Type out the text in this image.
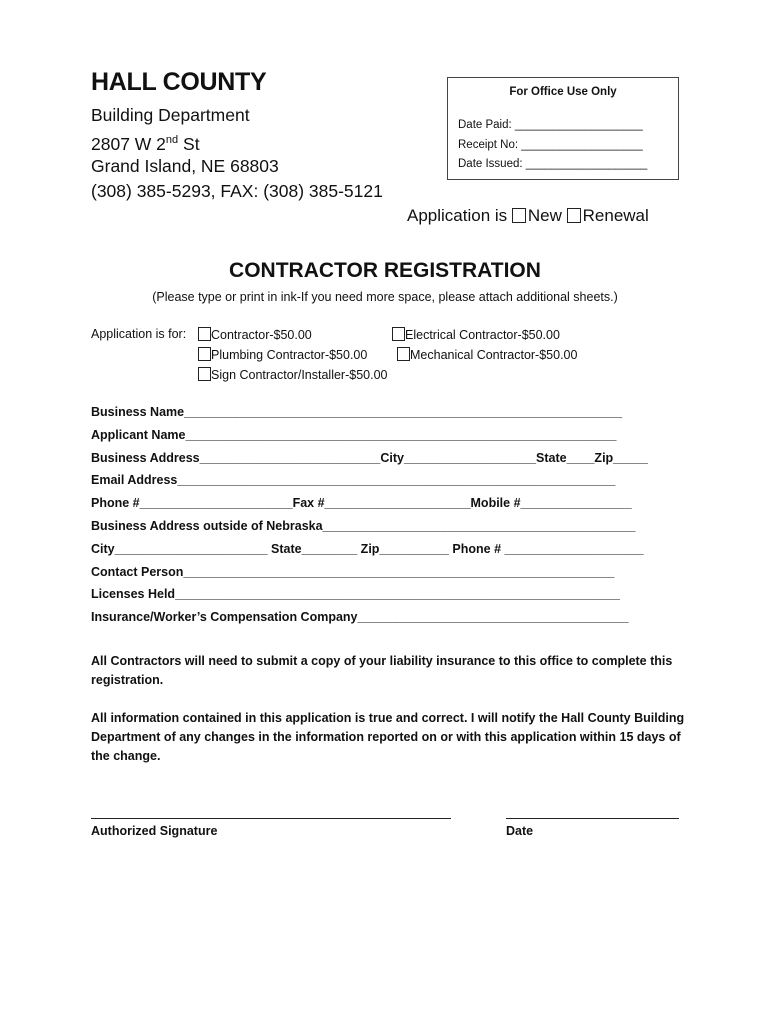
HALL COUNTY
Building Department
2807 W 2nd St
Grand Island, NE 68803
(308) 385-5293, FAX: (308) 385-5121
For Office Use Only
Date Paid: ____________________
Receipt No: ___________________
Date Issued: ___________________
Application is New Renewal
CONTRACTOR REGISTRATION
(Please type or print in ink-If you need more space, please attach additional sheets.)
Application is for:	Contractor-$50.00	Electrical Contractor-$50.00
Plumbing Contractor-$50.00	Mechanical Contractor-$50.00
Sign Contractor/Installer-$50.00
Business Name_______________________________________________________________
Applicant Name______________________________________________________________
Business Address__________________________City___________________State____Zip_____
Email Address_______________________________________________________________
Phone #______________________Fax #_____________________Mobile #________________
Business Address outside of Nebraska_____________________________________________
City______________________ State________ Zip__________ Phone # ____________________
Contact Person______________________________________________________________
Licenses Held________________________________________________________________
Insurance/Worker’s Compensation Company_______________________________________
All Contractors will need to submit a copy of your liability insurance to this office to complete this registration.
All information contained in this application is true and correct. I will notify the Hall County Building Department of any changes in the information reported on or with this application within 15 days of the change.
Authorized Signature	Date
